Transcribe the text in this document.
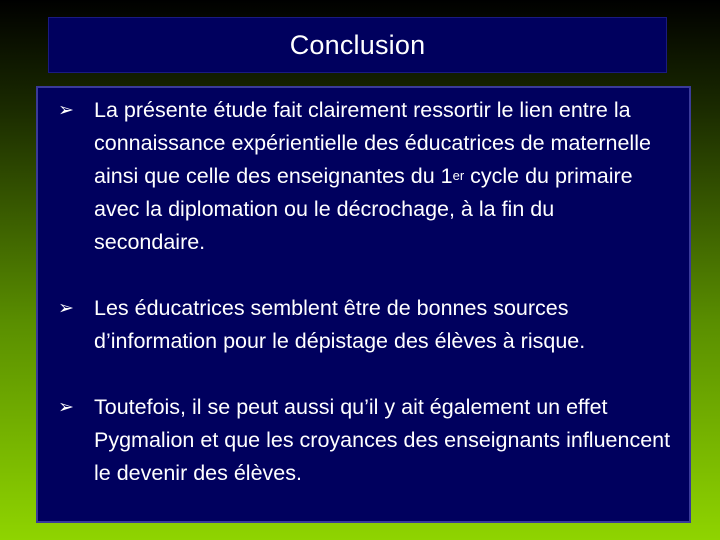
Conclusion
➢ La présente étude fait clairement ressortir le lien entre la connaissance expérientielle des éducatrices de maternelle ainsi que celle des enseignantes du 1er cycle du primaire avec la diplomation ou le décrochage, à la fin du secondaire.
➢ Les éducatrices semblent être de bonnes sources d’information pour le dépistage des élèves à risque.
➢ Toutefois, il se peut aussi qu’il y ait également un effet Pygmalion et que les croyances des enseignants influencent le devenir des élèves.
